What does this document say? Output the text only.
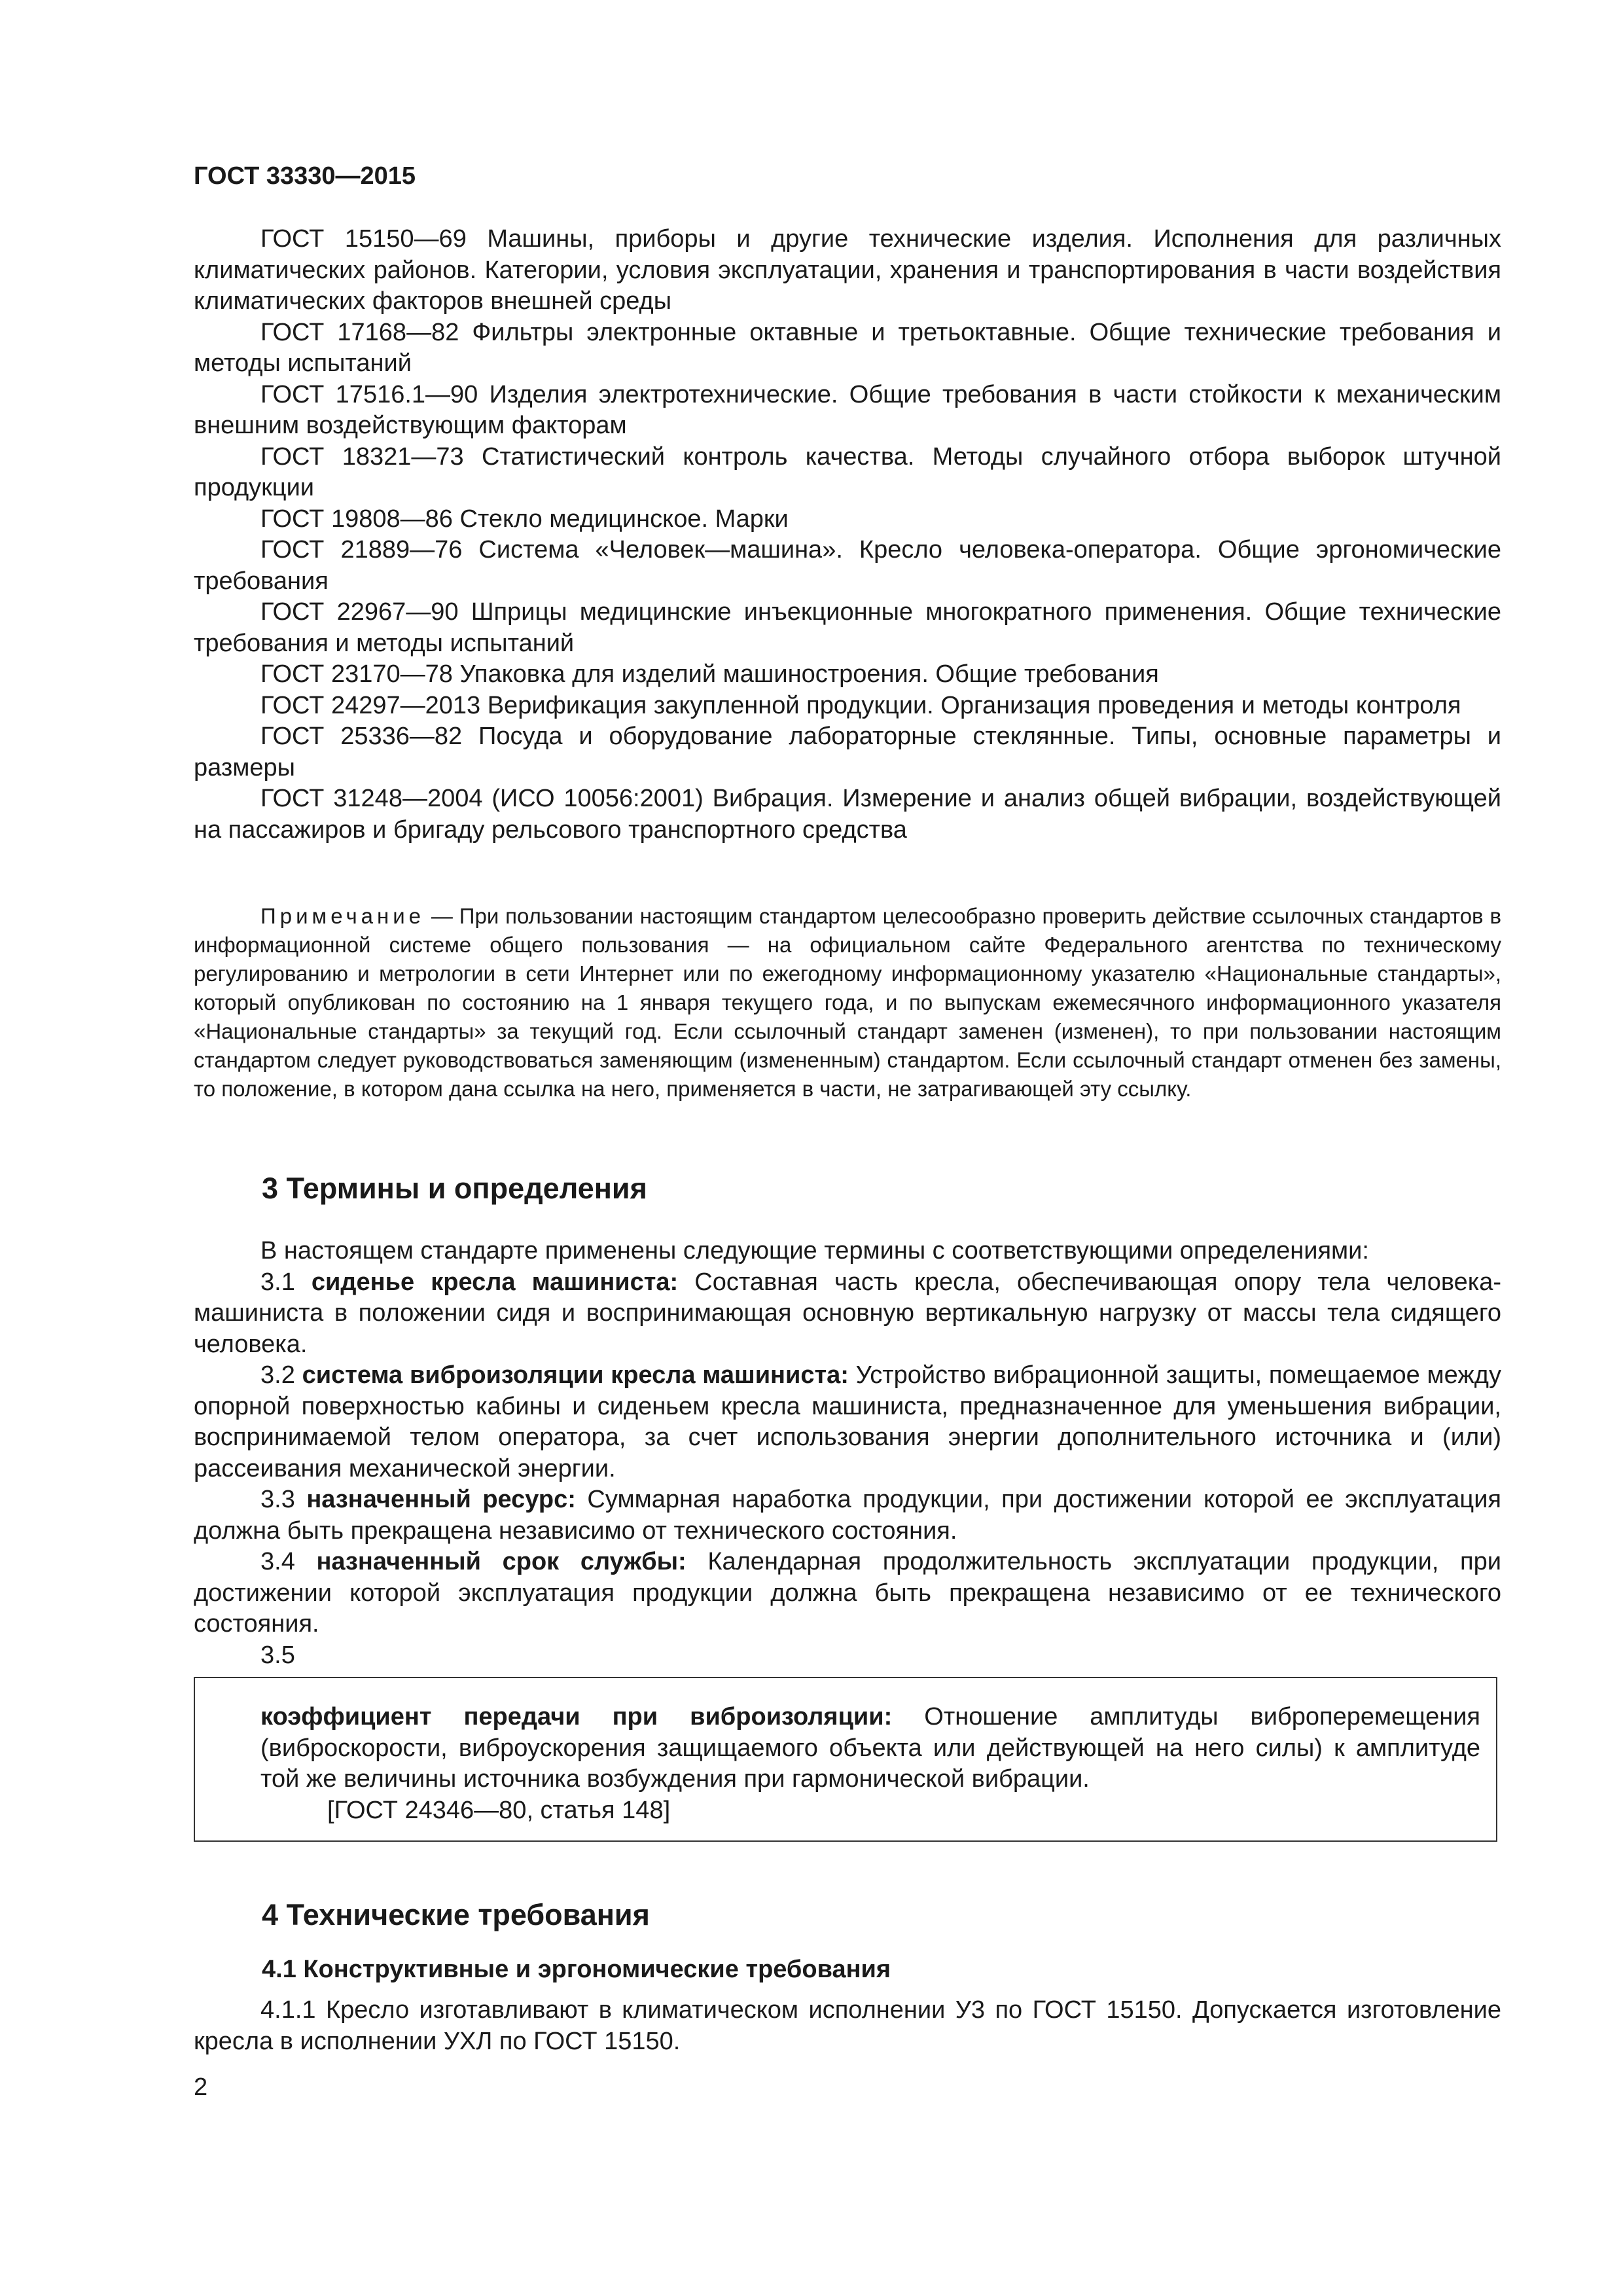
ГОСТ 33330—2015

ГОСТ 15150—69 Машины, приборы и другие технические изделия. Исполнения для различных климатических районов. Категории, условия эксплуатации, хранения и транспортирования в части воздействия климатических факторов внешней среды

ГОСТ 17168—82 Фильтры электронные октавные и третьоктавные. Общие технические требования и методы испытаний

ГОСТ 17516.1—90 Изделия электротехнические. Общие требования в части стойкости к механическим внешним воздействующим факторам

ГОСТ 18321—73 Статистический контроль качества. Методы случайного отбора выборок штучной продукции

ГОСТ 19808—86 Стекло медицинское. Марки

ГОСТ 21889—76 Система «Человек—машина». Кресло человека-оператора. Общие эргономические требования

ГОСТ 22967—90 Шприцы медицинские инъекционные многократного применения. Общие технические требования и методы испытаний

ГОСТ 23170—78 Упаковка для изделий машиностроения. Общие требования

ГОСТ 24297—2013 Верификация закупленной продукции. Организация проведения и методы контроля

ГОСТ 25336—82 Посуда и оборудование лабораторные стеклянные. Типы, основные параметры и размеры

ГОСТ 31248—2004 (ИСО 10056:2001) Вибрация. Измерение и анализ общей вибрации, воздействующей на пассажиров и бригаду рельсового транспортного средства

Примечание — При пользовании настоящим стандартом целесообразно проверить действие ссылочных стандартов в информационной системе общего пользования — на официальном сайте Федерального агентства по техническому регулированию и метрологии в сети Интернет или по ежегодному информационному указателю «Национальные стандарты», который опубликован по состоянию на 1 января текущего года, и по выпускам ежемесячного информационного указателя «Национальные стандарты» за текущий год. Если ссылочный стандарт заменен (изменен), то при пользовании настоящим стандартом следует руководствоваться заменяющим (измененным) стандартом. Если ссылочный стандарт отменен без замены, то положение, в котором дана ссылка на него, применяется в части, не затрагивающей эту ссылку.
3 Термины и определения

В настоящем стандарте применены следующие термины с соответствующими определениями:

3.1 сиденье кресла машиниста: Составная часть кресла, обеспечивающая опору тела человека-машиниста в положении сидя и воспринимающая основную вертикальную нагрузку от массы тела сидящего человека.

3.2 система виброизоляции кресла машиниста: Устройство вибрационной защиты, помещаемое между опорной поверхностью кабины и сиденьем кресла машиниста, предназначенное для уменьшения вибрации, воспринимаемой телом оператора, за счет использования энергии дополнительного источника и (или) рассеивания механической энергии.

3.3 назначенный ресурс: Суммарная наработка продукции, при достижении которой ее эксплуатация должна быть прекращена независимо от технического состояния.

3.4 назначенный срок службы: Календарная продолжительность эксплуатации продукции, при достижении которой эксплуатация продукции должна быть прекращена независимо от ее технического состояния.

3.5

коэффициент передачи при виброизоляции: Отношение амплитуды виброперемещения (виброскорости, виброускорения защищаемого объекта или действующей на него силы) к амплитуде той же величины источника возбуждения при гармонической вибрации.

[ГОСТ 24346—80, статья 148]

4 Технические требования
4.1 Конструктивные и эргономические требования

4.1.1 Кресло изготавливают в климатическом исполнении У3 по ГОСТ 15150. Допускается изготовление кресла в исполнении УХЛ по ГОСТ 15150.

2
